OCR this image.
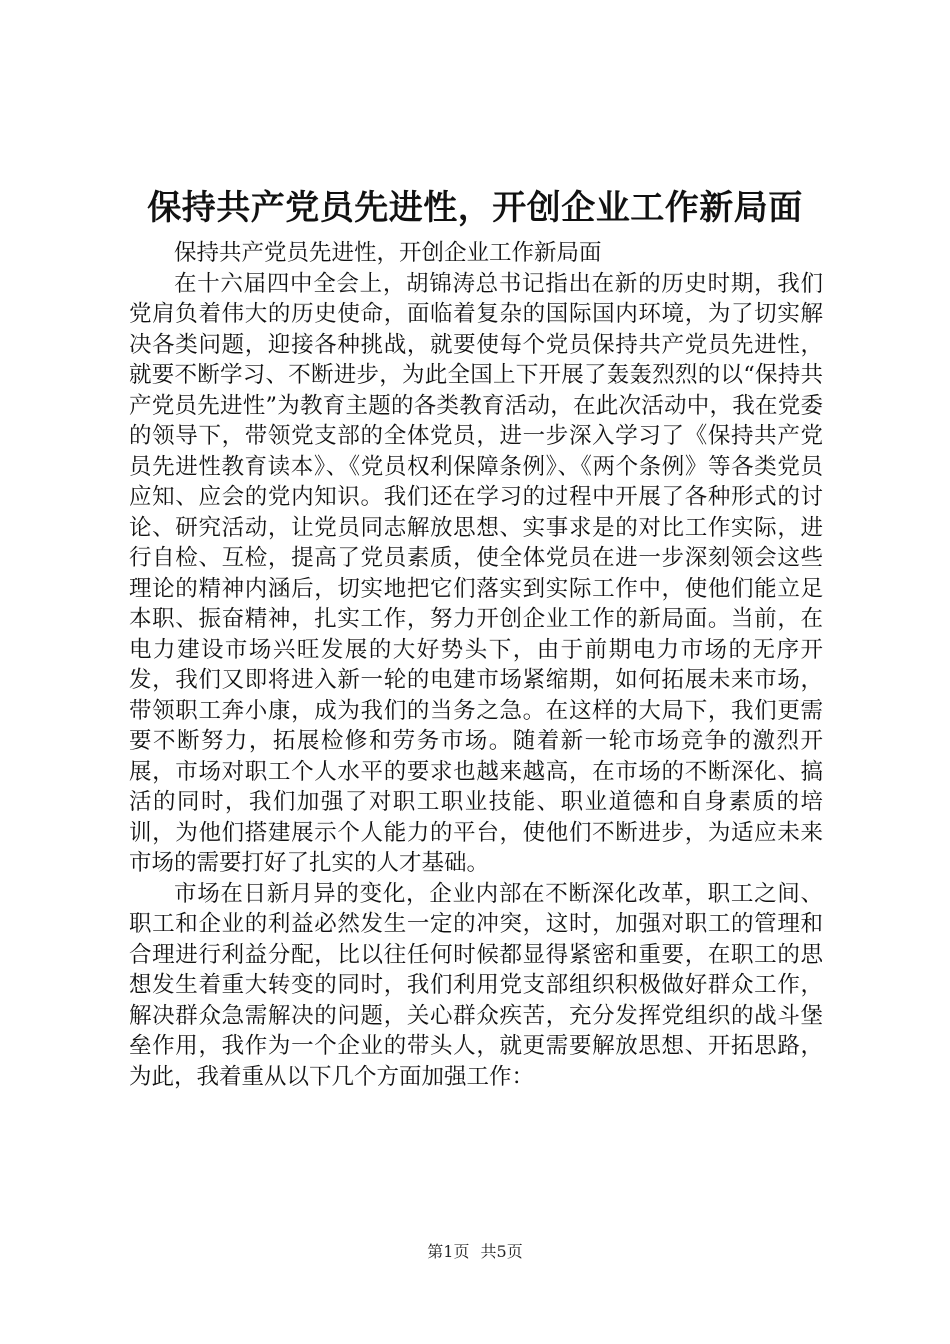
保持共产党员先进性，开创企业工作新局面

保持共产党员先进性，开创企业工作新局面

在十六届四中全会上，胡锦涛总书记指出在新的历史时期，我们党肩负着伟大的历史使命，面临着复杂的国际国内环境，为了切实解决各类问题，迎接各种挑战，就要使每个党员保持共产党员先进性，就要不断学习、不断进步，为此全国上下开展了轰轰烈烈的以“保持共产党员先进性”为教育主题的各类教育活动，在此次活动中，我在党委的领导下，带领党支部的全体党员，进一步深入学习了《保持共产党员先进性教育读本》、《党员权利保障条例》、《两个条例》等各类党员应知、应会的党内知识。我们还在学习的过程中开展了各种形式的讨论、研究活动，让党员同志解放思想、实事求是的对比工作实际，进行自检、互检，提高了党员素质，使全体党员在进一步深刻领会这些理论的精神内涵后，切实地把它们落实到实际工作中，使他们能立足本职、振奋精神，扎实工作，努力开创企业工作的新局面。当前，在电力建设市场兴旺发展的大好势头下，由于前期电力市场的无序开发，我们又即将进入新一轮的电建市场紧缩期，如何拓展未来市场，带领职工奔小康，成为我们的当务之急。在这样的大局下，我们更需要不断努力，拓展检修和劳务市场。随着新一轮市场竞争的激烈开展，市场对职工个人水平的要求也越来越高，在市场的不断深化、搞活的同时，我们加强了对职工职业技能、职业道德和自身素质的培训，为他们搭建展示个人能力的平台，使他们不断进步，为适应未来市场的需要打好了扎实的人才基础。

市场在日新月异的变化，企业内部在不断深化改革，职工之间、职工和企业的利益必然发生一定的冲突，这时，加强对职工的管理和合理进行利益分配，比以往任何时候都显得紧密和重要，在职工的思想发生着重大转变的同时，我们利用党支部组织积极做好群众工作，解决群众急需解决的问题，关心群众疾苦，充分发挥党组织的战斗堡垒作用，我作为一个企业的带头人，就更需要解放思想、开拓思路，为此，我着重从以下几个方面加强工作：

第1页 共5页
